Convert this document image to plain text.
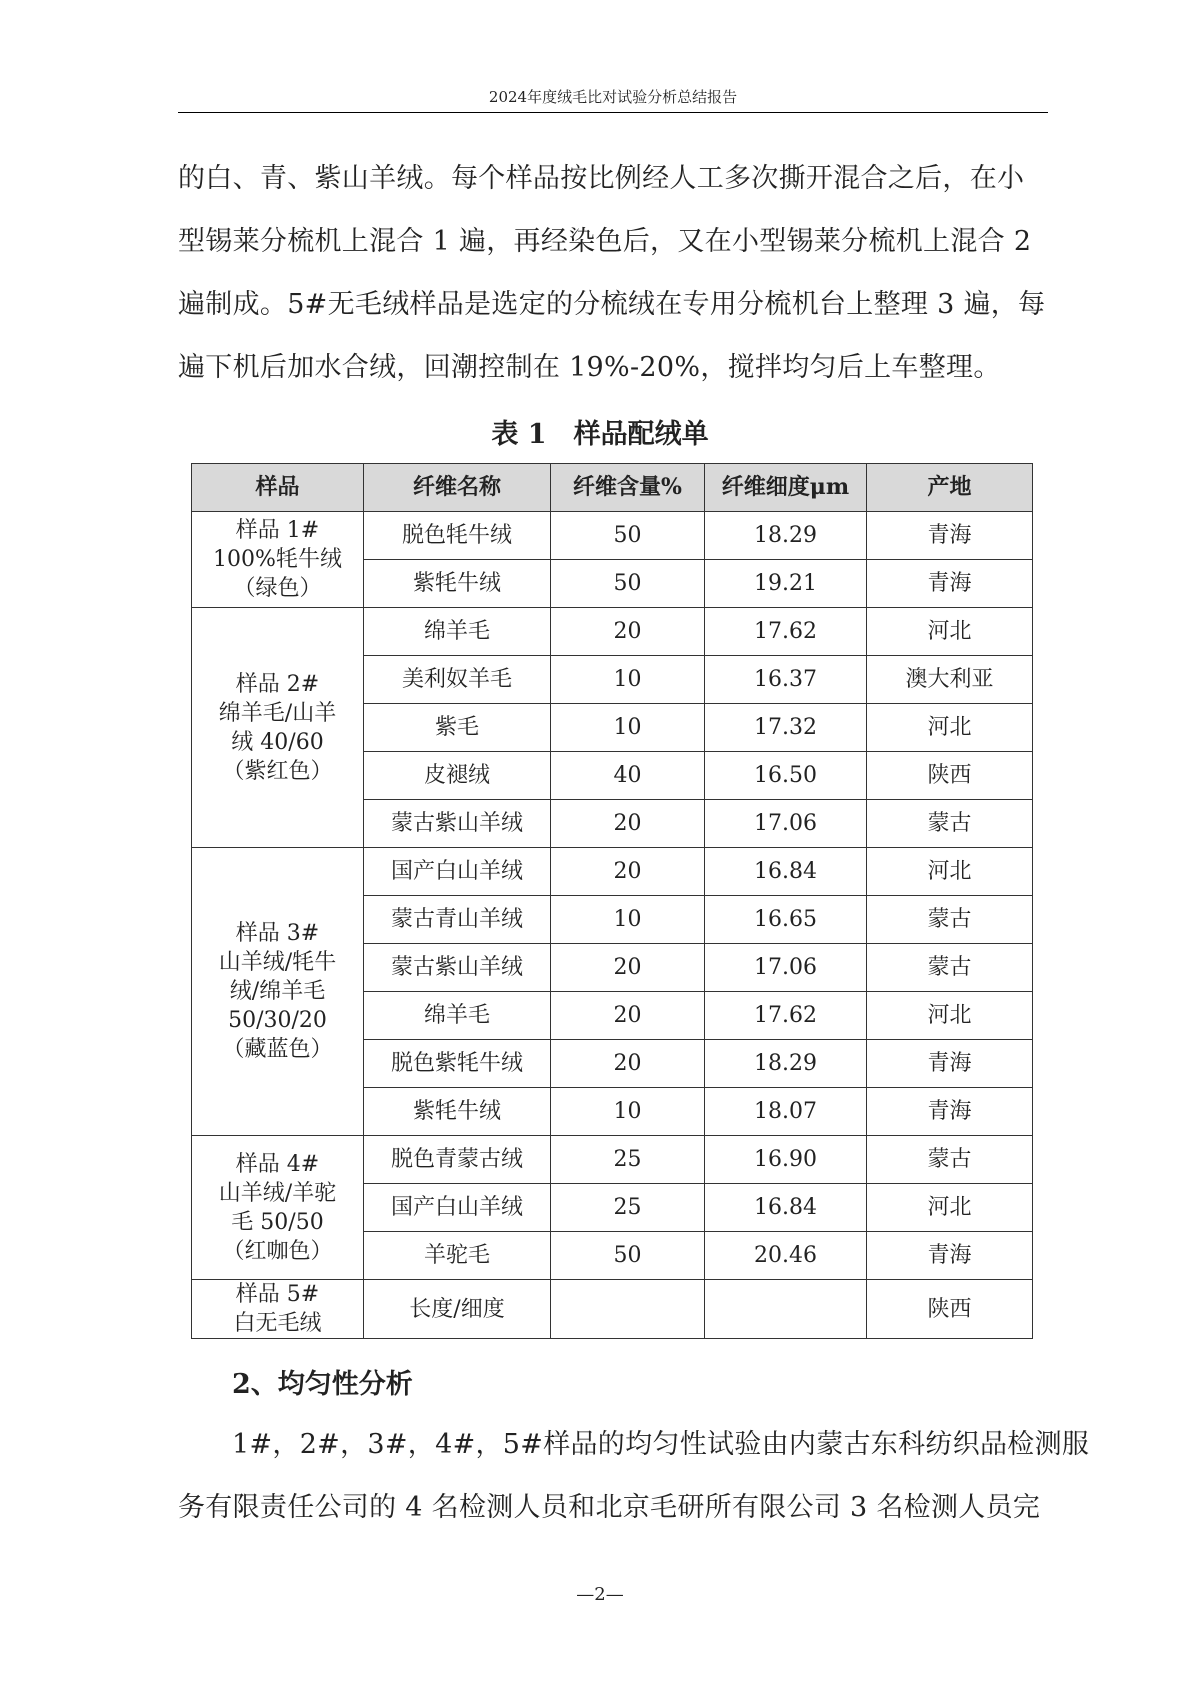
2024年度绒毛比对试验分析总结报告

的白、青、紫山羊绒。每个样品按比例经人工多次撕开混合之后，在小

型锡莱分梳机上混合 1 遍，再经染色后，又在小型锡莱分梳机上混合 2

遍制成。5#无毛绒样品是选定的分梳绒在专用分梳机台上整理 3 遍，每

遍下机后加水合绒，回潮控制在 19%-20%，搅拌均匀后上车整理。

表 1　样品配绒单
样品	纤维名称	纤维含量%	纤维细度μm	产地

样品 1#
100%牦牛绒
（绿色）	脱色牦牛绒	50	18.29	青海
	紫牦牛绒	50	19.21	青海

样品 2#
绵羊毛/山羊
绒 40/60
（紫红色）	绵羊毛	20	17.62	河北
	美利奴羊毛	10	16.37	澳大利亚
	紫毛	10	17.32	河北
	皮褪绒	40	16.50	陕西
	蒙古紫山羊绒	20	17.06	蒙古

样品 3#
山羊绒/牦牛
绒/绵羊毛
50/30/20
（藏蓝色）	国产白山羊绒	20	16.84	河北
	蒙古青山羊绒	10	16.65	蒙古
	蒙古紫山羊绒	20	17.06	蒙古
	绵羊毛	20	17.62	河北
	脱色紫牦牛绒	20	18.29	青海
	紫牦牛绒	10	18.07	青海

样品 4#
山羊绒/羊驼
毛 50/50
（红咖色）	脱色青蒙古绒	25	16.90	蒙古
	国产白山羊绒	25	16.84	河北
	羊驼毛	50	20.46	青海

样品 5#
白无毛绒	长度/细度			陕西
2、均匀性分析

1#，2#，3#，4#，5#样品的均匀性试验由内蒙古东科纺织品检测服

务有限责任公司的 4 名检测人员和北京毛研所有限公司 3 名检测人员完

—2—
